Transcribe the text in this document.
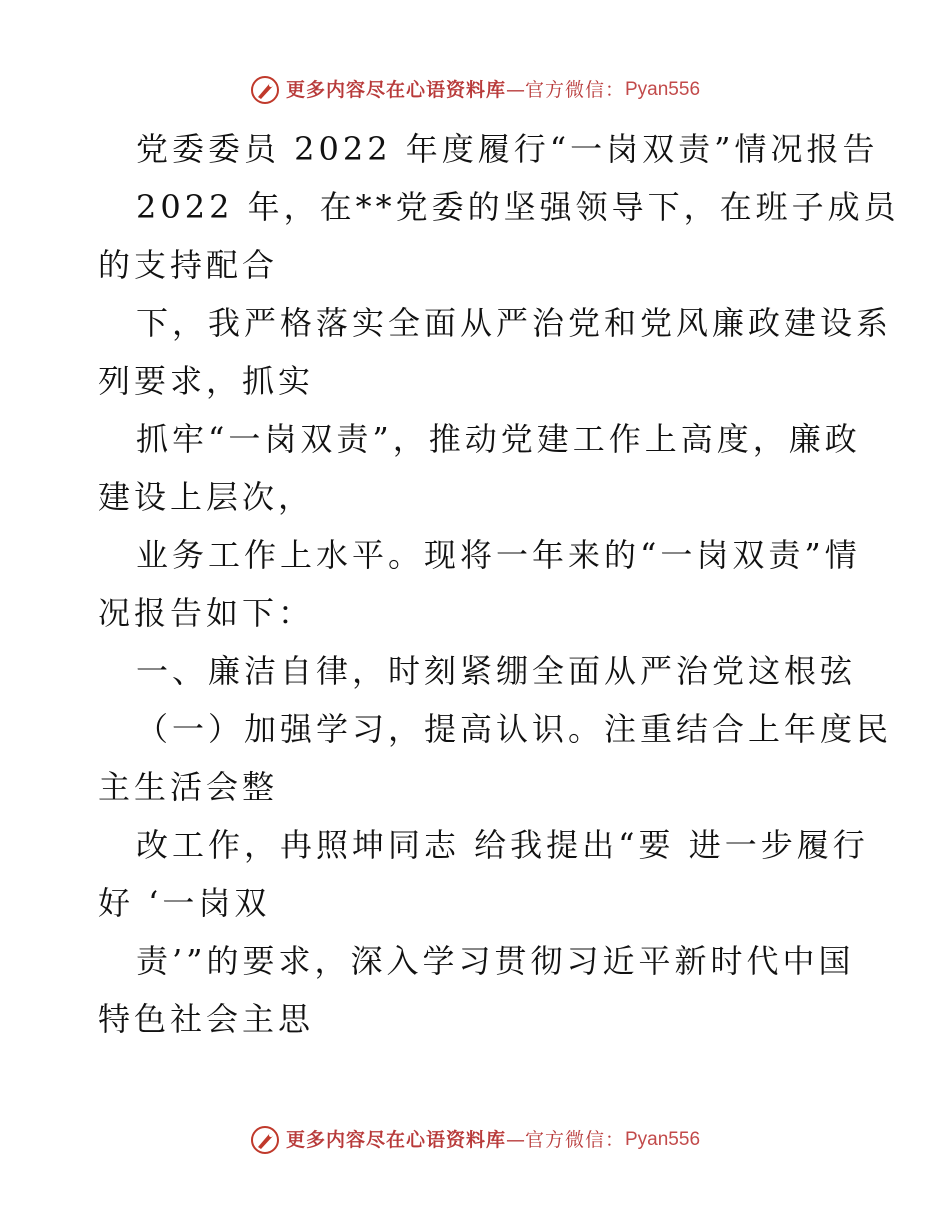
更多内容尽在心语资料库 — 官方微信： Pyan556
党委委员 2022 年度履行“一岗双责”情况报告
2022 年，在**党委的坚强领导下，在班子成员
的支持配合
下，我严格落实全面从严治党和党风廉政建设系
列要求，抓实
抓牢“一岗双责”，推动党建工作上高度，廉政
建设上层次，
业务工作上水平。现将一年来的“一岗双责”情
况报告如下：
一、廉洁自律，时刻紧绷全面从严治党这根弦
（一）加强学习，提高认识。注重结合上年度民
主生活会整
改工作，冉照坤同志 给我提出“要 进一步履行
好 ‘一岗双
责’”的要求，深入学习贯彻习近平新时代中国
特色社会主思
更多内容尽在心语资料库 — 官方微信： Pyan556
